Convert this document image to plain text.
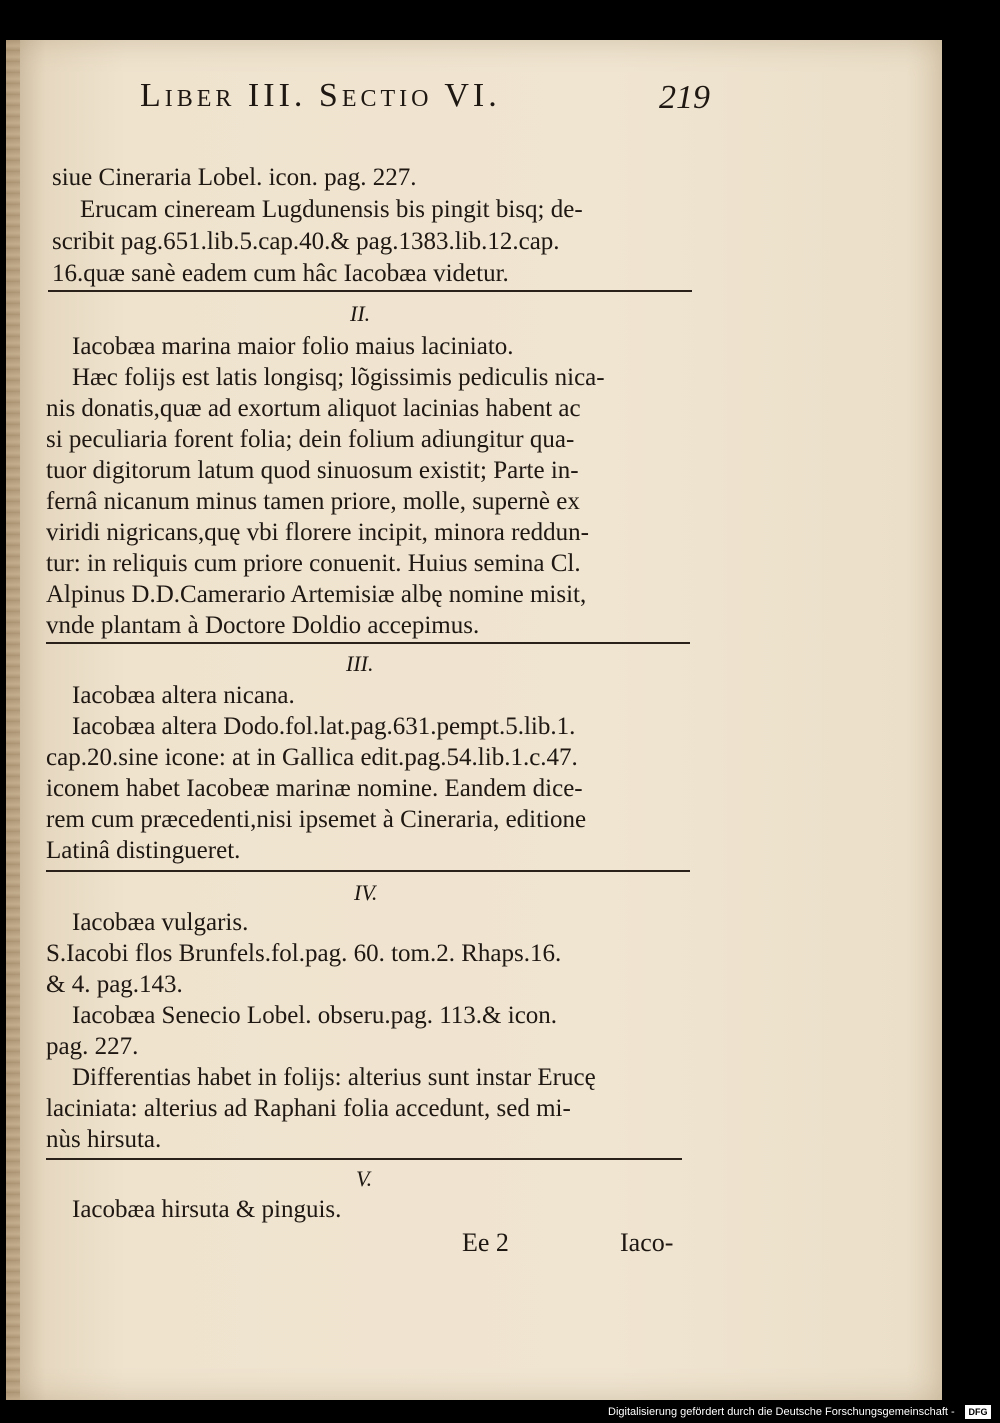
Liber III. Sectio VI.	219
siue Cineraria Lobel. icon. pag. 227.
Erucam cineream Lugdunensis bis pingit bisq; de-
scribit pag.651.lib.5.cap.40.& pag.1383.lib.12.cap.
16.quæ sanè eadem cum hâc Iacobæa videtur.
II.
Iacobæa marina maior folio maius laciniato.
Hæc folijs est latis longisq; lõgissimis pediculis nica-
nis donatis,quæ ad exortum aliquot lacinias habent ac
si peculiaria forent folia; dein folium adiungitur qua-
tuor digitorum latum quod sinuosum existit; Parte in-
fernâ nicanum minus tamen priore, molle, supernè ex
viridi nigricans,quę vbi florere incipit, minora reddun-
tur: in reliquis cum priore conuenit. Huius semina Cl.
Alpinus D.D.Camerario Artemisiæ albę nomine misit,
vnde plantam à Doctore Doldio accepimus.
III.
Iacobæa altera nicana.
Iacobæa altera Dodo.fol.lat.pag.631.pempt.5.lib.1.
cap.20.sine icone: at in Gallica edit.pag.54.lib.1.c.47.
iconem habet Iacobeæ marinæ nomine. Eandem dice-
rem cum præcedenti,nisi ipsemet à Cineraria, editione
Latinâ distingueret.
IV.
Iacobæa vulgaris.
S.Iacobi flos Brunfels.fol.pag. 60. tom.2. Rhaps.16.
& 4. pag.143.
Iacobæa Senecio Lobel. obseru.pag. 113.& icon.
pag. 227.
Differentias habet in folijs: alterius sunt instar Erucę
laciniata: alterius ad Raphani folia accedunt, sed mi-
nùs hirsuta.
V.
Iacobæa hirsuta & pinguis.
Ee 2	Iaco-
Digitalisierung gefördert durch die Deutsche Forschungsgemeinschaft -	DFG
